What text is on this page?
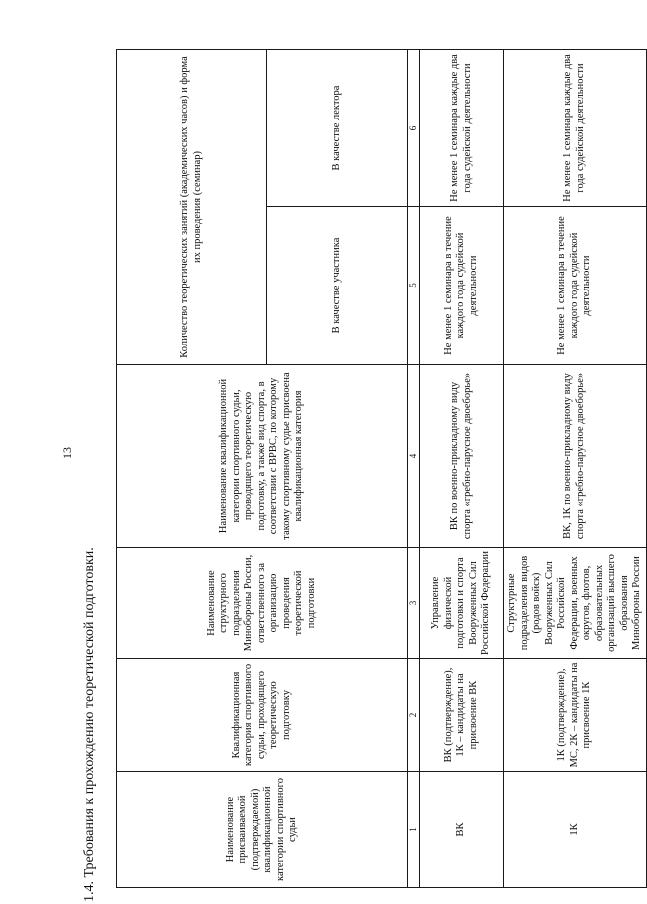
13
1.4. Требования к прохождению теоретической подготовки.	Наименование присваиваемой (подтверждаемой) квалификационной категории спортивного судьи	Квалификационная категория спортивного судьи, проходящего теоретическую подготовку	Наименование структурного подразделения Минобороны России, ответственного за организацию проведения теоретической подготовки	Наименование квалификационной категории спортивного судьи, проводящего теоретическую подготовку, а также вид спорта, в соответствии с ВРВС, по которому такому спортивному судье присвоена квалификационная категория	Количество теоретических занятий (академических часов) и форма их проведения (семинар)	
				В качестве участника	В качестве лектора
1	2	3	4	5	6
ВК	ВК (подтверждение), 1К – кандидаты на присвоение ВК	Управление физической подготовки и спорта Вооруженных Сил Российской Федерации	ВК по военно-прикладному виду спорта «гребно-парусное двоеборье»	Не менее 1 семинара в течение каждого года судейской деятельности	Не менее 1 семинара каждые два года судейской деятельности
1К	1К (подтверждение), МС, 2К – кандидаты на присвоение 1К	Структурные подразделения видов (родов войск) Вооруженных Сил Российской Федерации, военных округов, флотов, образовательных организаций высшего образования Минобороны России	ВК, 1К по военно-прикладному виду спорта «гребно-парусное двоеборье»	Не менее 1 семинара в течение каждого года судейской деятельности	Не менее 1 семинара каждые два года судейской деятельности
